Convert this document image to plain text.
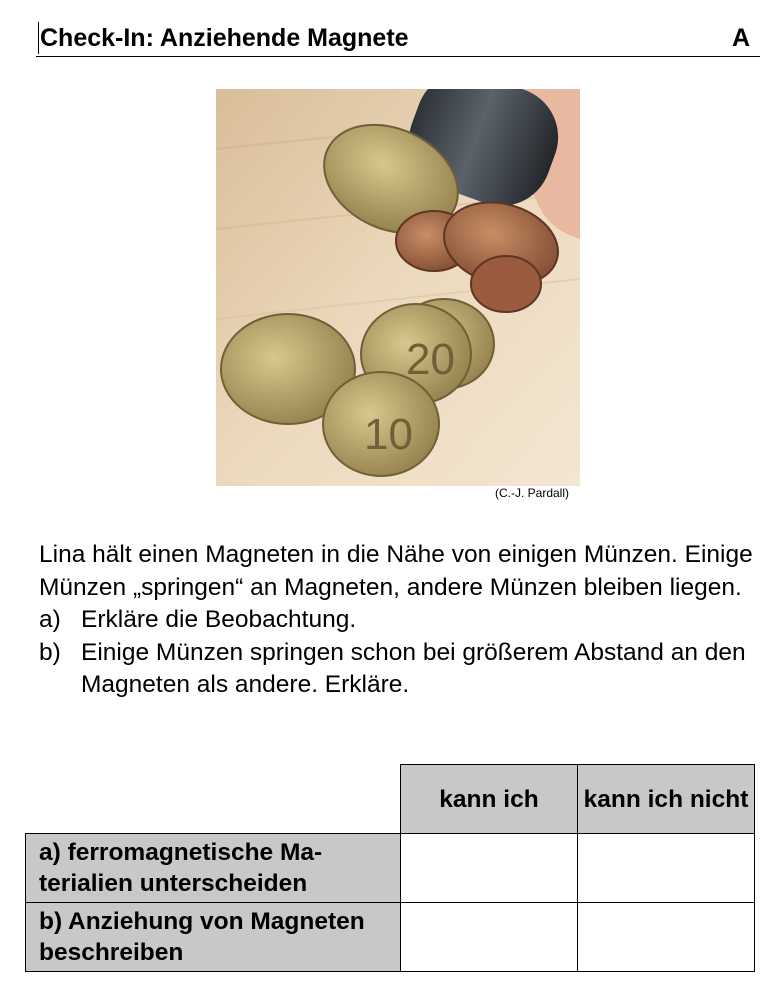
Check-In: Anziehende Magnete	A
20
10
(C.-J. Pardall)

Lina hält einen Magneten in die Nähe von einigen Münzen. Einige Münzen „springen“ an Magneten, andere Münzen bleiben liegen.

a) Erkläre die Beobachtung.
b) Einige Münzen springen schon bei größerem Abstand an den Magneten als andere. Erkläre.
	kann ich	kann ich nicht
a) ferromagnetische Ma-terialien unterscheiden		
b) Anziehung von Magneten beschreiben		
